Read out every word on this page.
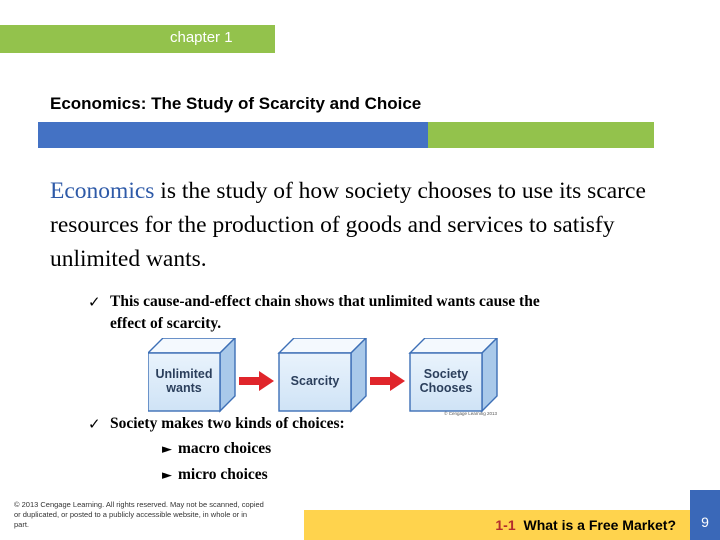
chapter 1
Economics: The Study of Scarcity and Choice
Economics is the study of how society chooses to use its scarce resources for the production of goods and services to satisfy unlimited wants.
✓ This cause-and-effect chain shows that unlimited wants cause the effect of scarcity.
Unlimited
wants	Scarcity	Society
Chooses
© Cengage Learning 2013
✓ Society makes two kinds of choices:
► macro choices
► micro choices
© 2013 Cengage Learning. All rights reserved. May not be scanned, copied or duplicated, or posted to a publicly accessible website, in whole or in part.	1-1 What is a Free Market?	9
